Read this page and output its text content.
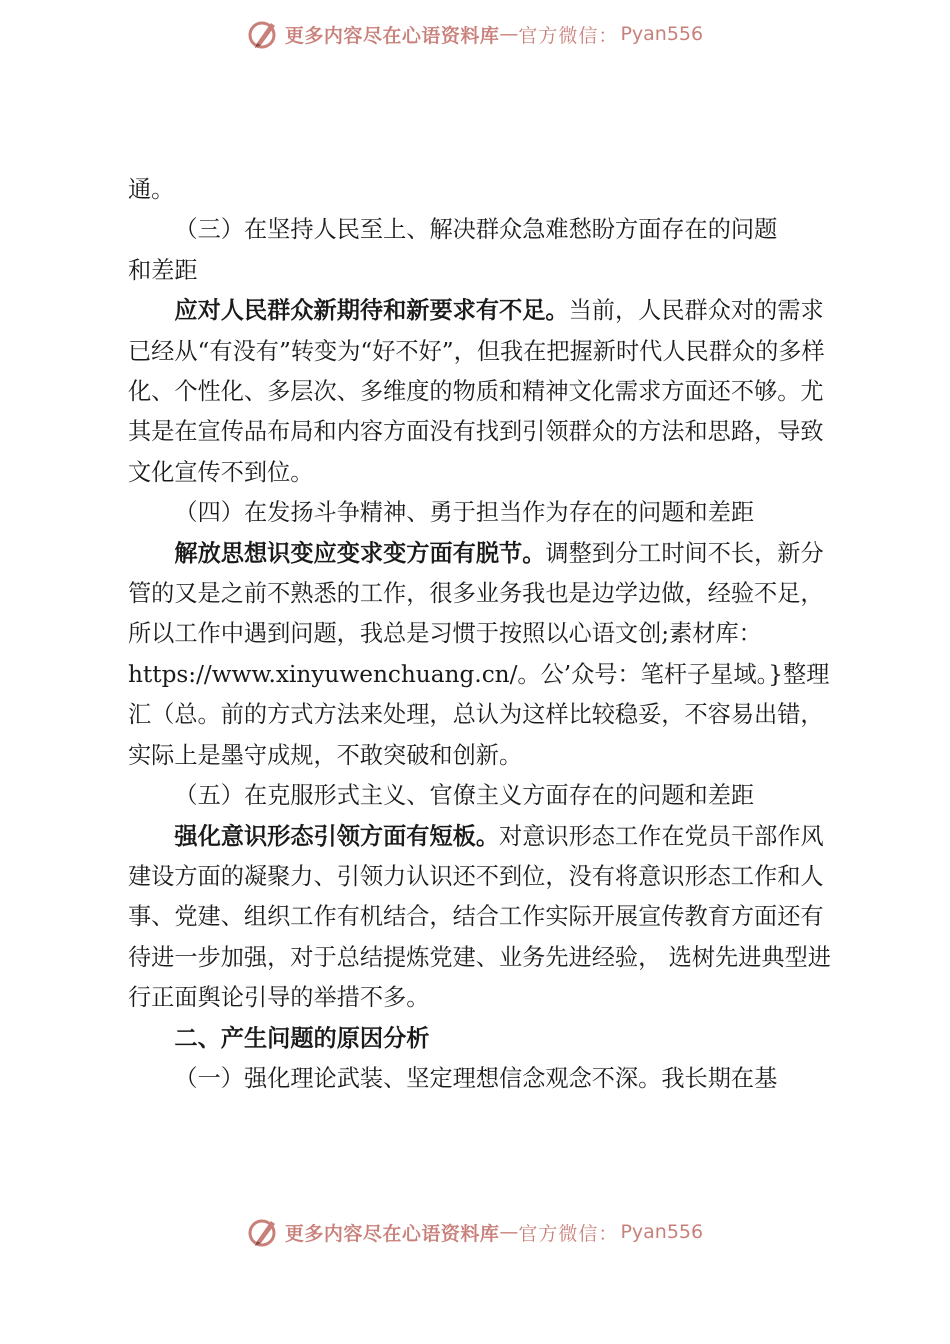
更多内容尽在心语资料库 — 官方微信： Pyan556

通。

（三）在坚持人民至上、解决群众急难愁盼方面存在的问题

和差距

应对人民群众新期待和新要求有不足。当前，人民群众对的需求已经从“有没有”转变为“好不好”，但我在把握新时代人民群众的多样化、个性化、多层次、多维度的物质和精神文化需求方面还不够。尤其是在宣传品布局和内容方面没有找到引领群众的方法和思路，导致文化宣传不到位。

（四）在发扬斗争精神、勇于担当作为存在的问题和差距

解放思想识变应变求变方面有脱节。调整到分工时间不长，新分管的又是之前不熟悉的工作，很多业务我也是边学边做，经验不足，所以工作中遇到问题，我总是习惯于按照以心语文创;素材库：https://www.xinyuwenchuang.cn/。公’众号：笔杆子星域。}整理汇（总。前的方式方法来处理，总认为这样比较稳妥，不容易出错，实际上是墨守成规，不敢突破和创新。

（五）在克服形式主义、官僚主义方面存在的问题和差距

强化意识形态引领方面有短板。对意识形态工作在党员干部作风建设方面的凝聚力、引领力认识还不到位，没有将意识形态工作和人事、党建、组织工作有机结合，结合工作实际开展宣传教育方面还有待进一步加强，对于总结提炼党建、业务先进经验， 选树先进典型进行正面舆论引导的举措不多。

二、产生问题的原因分析

（一）强化理论武装、坚定理想信念观念不深。我长期在基

更多内容尽在心语资料库 — 官方微信： Pyan556
